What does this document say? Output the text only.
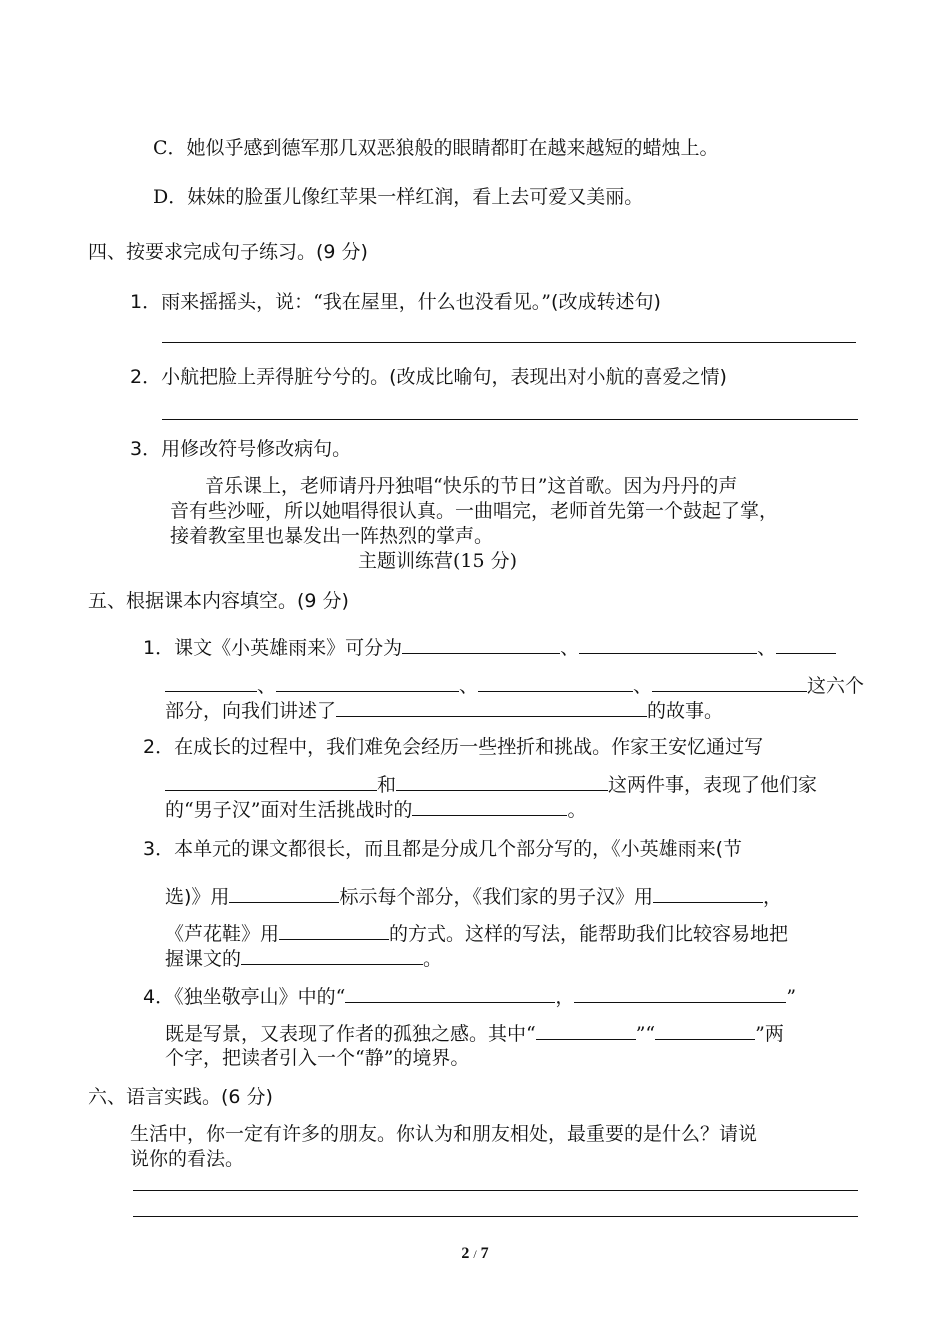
C．她似乎感到德军那几双恶狼般的眼睛都盯在越来越短的蜡烛上。
D．妹妹的脸蛋儿像红苹果一样红润，看上去可爱又美丽。
四、按要求完成句子练习。(9 分)
1．雨来摇摇头，说：“我在屋里，什么也没看见。”(改成转述句)
2．小航把脸上弄得脏兮兮的。(改成比喻句，表现出对小航的喜爱之情)
3．用修改符号修改病句。
音乐课上，老师请丹丹独唱“快乐的节日”这首歌。因为丹丹的声
音有些沙哑，所以她唱得很认真。一曲唱完，老师首先第一个鼓起了掌，
接着教室里也暴发出一阵热烈的掌声。
主题训练营(15 分)
五、根据课本内容填空。(9 分)
1．课文《小英雄雨来》可分为	、	、
、	、	、	这六个
部分，向我们讲述了	的故事。
2．在成长的过程中，我们难免会经历一些挫折和挑战。作家王安忆通过写
和	这两件事，表现了他们家
的“男子汉”面对生活挑战时的	。
3．本单元的课文都很长，而且都是分成几个部分写的，《小英雄雨来(节
选)》用	标示每个部分，《我们家的男子汉》用	，
《芦花鞋》用	的方式。这样的写法，能帮助我们比较容易地把
握课文的	。
4．《独坐敬亭山》中的“	，	”
既是写景，又表现了作者的孤独之感。其中“	”“	”两
个字，把读者引入一个“静”的境界。
六、语言实践。(6 分)
生活中，你一定有许多的朋友。你认为和朋友相处，最重要的是什么？请说
说你的看法。
2 / 7
